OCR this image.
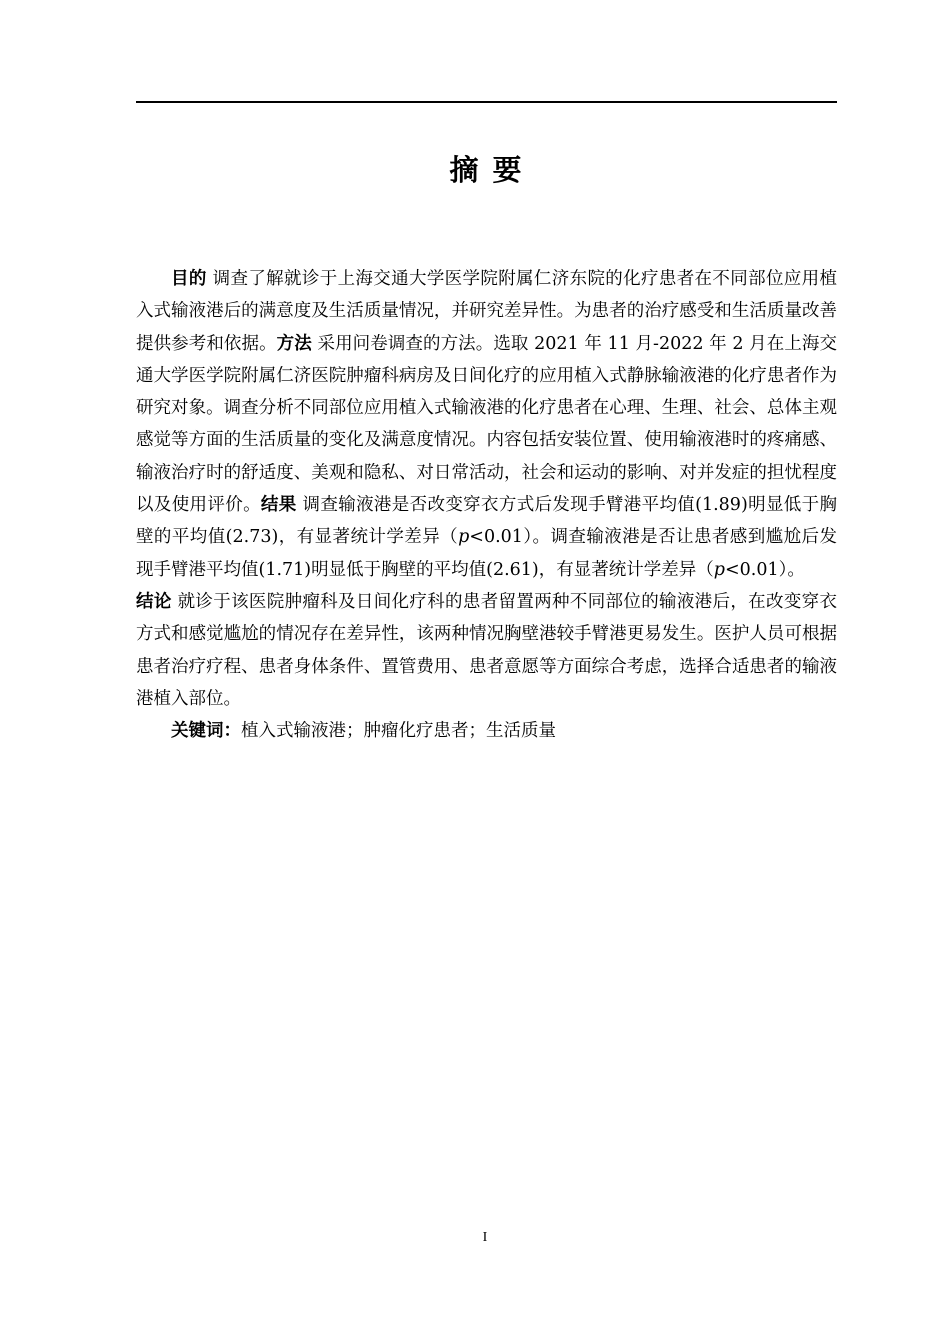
摘 要

目的 调查了解就诊于上海交通大学医学院附属仁济东院的化疗患者在不同部位应用植入式输液港后的满意度及生活质量情况，并研究差异性。为患者的治疗感受和生活质量改善提供参考和依据。方法 采用问卷调查的方法。选取 2021 年 11 月-2022 年 2 月在上海交通大学医学院附属仁济医院肿瘤科病房及日间化疗的应用植入式静脉输液港的化疗患者作为研究对象。调查分析不同部位应用植入式输液港的化疗患者在心理、生理、社会、总体主观感觉等方面的生活质量的变化及满意度情况。内容包括安装位置、使用输液港时的疼痛感、输液治疗时的舒适度、美观和隐私、对日常活动，社会和运动的影响、对并发症的担忧程度以及使用评价。结果 调查输液港是否改变穿衣方式后发现手臂港平均值(1.89)明显低于胸壁的平均值(2.73)，有显著统计学差异（p<0.01）。调查输液港是否让患者感到尴尬后发现手臂港平均值(1.71)明显低于胸壁的平均值(2.61)，有显著统计学差异（p<0.01）。
结论 就诊于该医院肿瘤科及日间化疗科的患者留置两种不同部位的输液港后，在改变穿衣方式和感觉尴尬的情况存在差异性，该两种情况胸壁港较手臂港更易发生。医护人员可根据患者治疗疗程、患者身体条件、置管费用、患者意愿等方面综合考虑，选择合适患者的输液港植入部位。

关键词：植入式输液港；肿瘤化疗患者；生活质量

I
